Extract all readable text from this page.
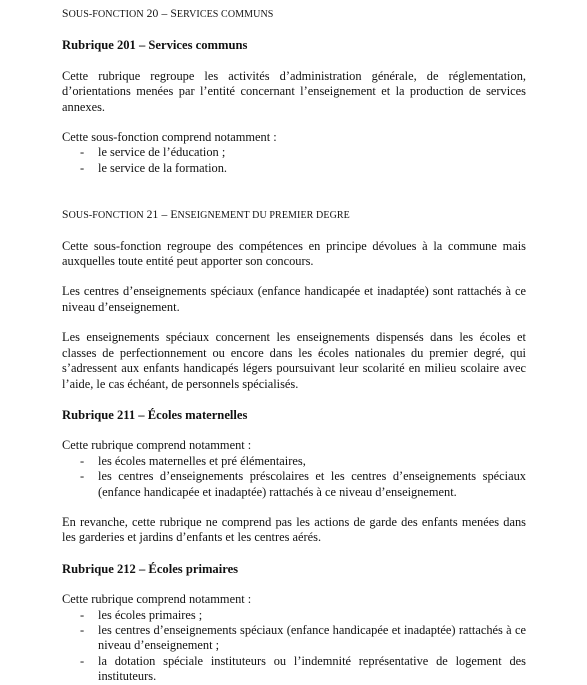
SOUS-FONCTION 20 – SERVICES COMMUNS
Rubrique 201 – Services communs

Cette rubrique regroupe les activités d’administration générale, de réglementation, d’orientations menées par l’entité concernant l’enseignement et la production de services annexes.

Cette sous-fonction comprend notamment :

- le service de l’éducation ;
- le service de la formation.
SOUS-FONCTION 21 – ENSEIGNEMENT DU PREMIER DEGRE

Cette sous-fonction regroupe des compétences en principe dévolues à la commune mais auxquelles toute entité peut apporter son concours.

Les centres d’enseignements spéciaux (enfance handicapée et inadaptée) sont rattachés à ce niveau d’enseignement.

Les enseignements spéciaux concernent les enseignements dispensés dans les écoles et classes de perfectionnement ou encore dans les écoles nationales du premier degré, qui s’adressent aux enfants handicapés légers poursuivant leur scolarité en milieu scolaire avec l’aide, le cas échéant, de personnels spécialisés.

Rubrique 211 – Écoles maternelles

Cette rubrique comprend notamment :

- les écoles maternelles et pré élémentaires,
- les centres d’enseignements préscolaires et les centres d’enseignements spéciaux (enfance handicapée et inadaptée) rattachés à ce niveau d’enseignement.

En revanche, cette rubrique ne comprend pas les actions de garde des enfants menées dans les garderies et jardins d’enfants et les centres aérés.

Rubrique 212 – Écoles primaires

Cette rubrique comprend notamment :

- les écoles primaires ;
- les centres d’enseignements spéciaux (enfance handicapée et inadaptée) rattachés à ce niveau d’enseignement ;
- la dotation spéciale instituteurs ou l’indemnité représentative de logement des instituteurs.
